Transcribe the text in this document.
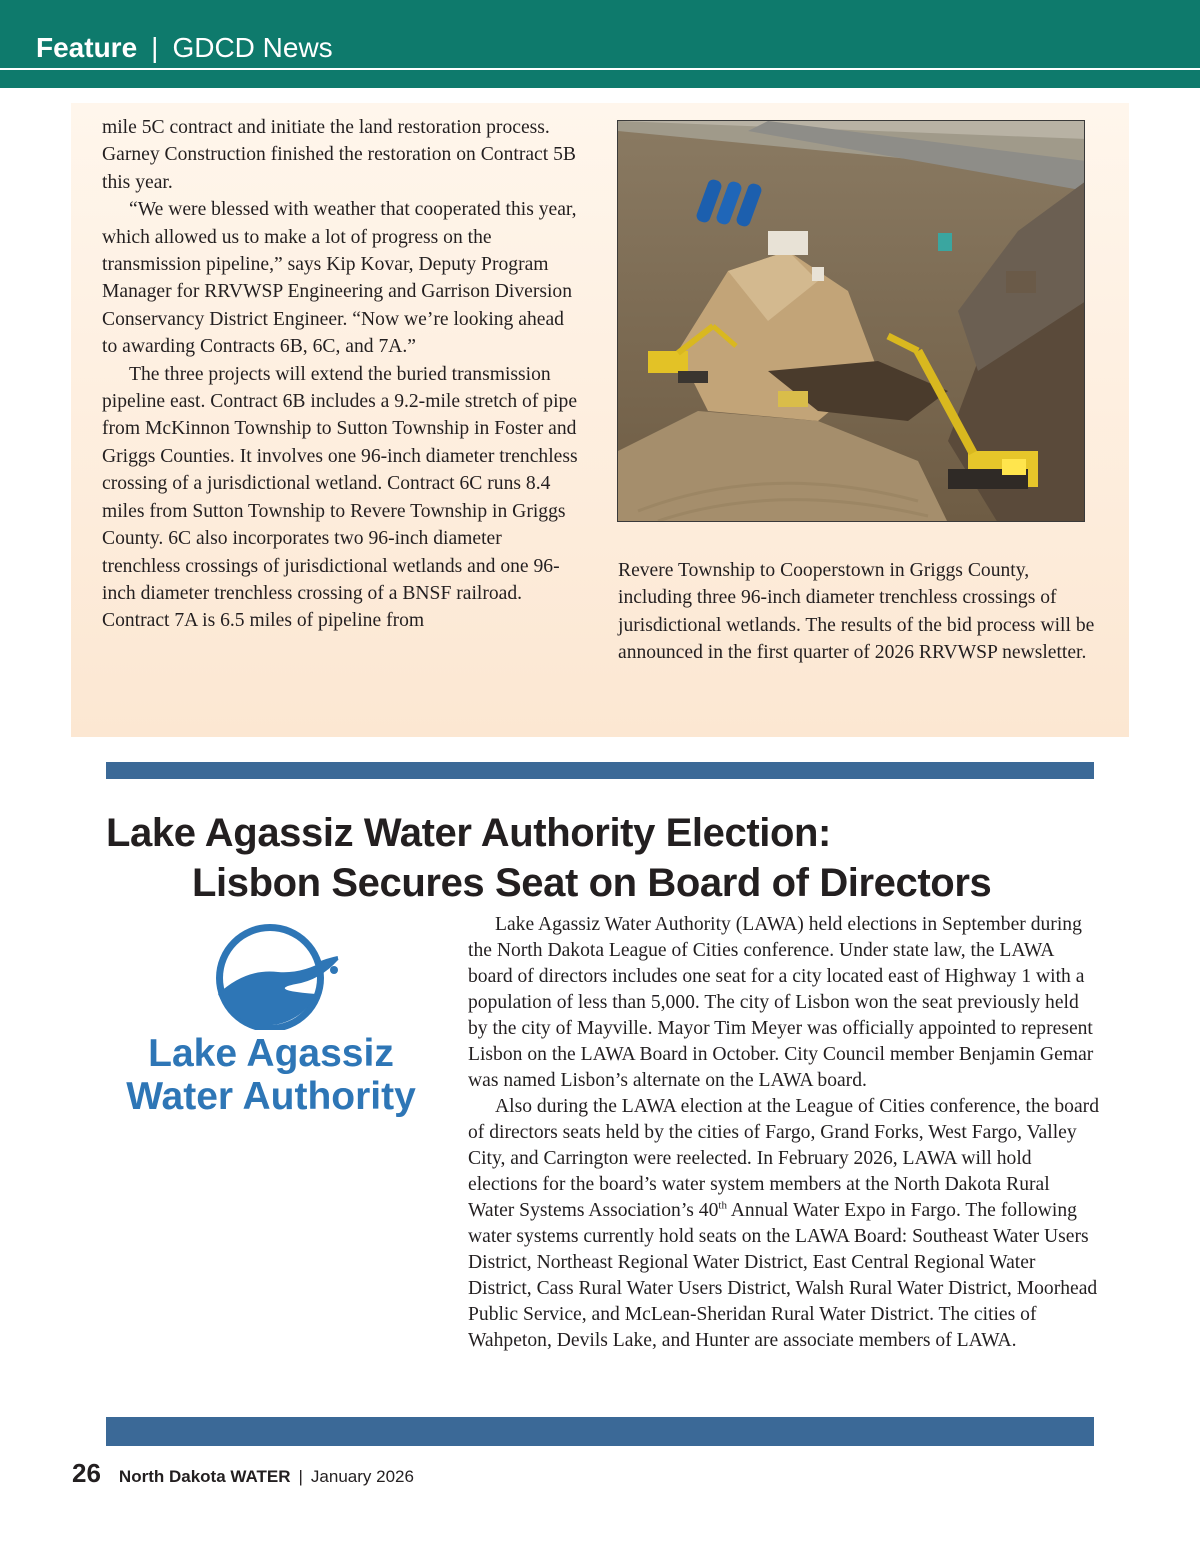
Feature | GDCD News

mile 5C contract and initiate the land restoration process. Garney Construction finished the restoration on Contract 5B this year.

“We were blessed with weather that cooperated this year, which allowed us to make a lot of progress on the transmission pipeline,” says Kip Kovar, Deputy Program Manager for RRVWSP Engineering and Garrison Diversion Conservancy District Engineer. “Now we’re looking ahead to awarding Contracts 6B, 6C, and 7A.”

The three projects will extend the buried transmission pipeline east. Contract 6B includes a 9.2-mile stretch of pipe from McKinnon Township to Sutton Township in Foster and Griggs Counties. It involves one 96-inch diameter trenchless crossing of a jurisdictional wetland. Contract 6C runs 8.4 miles from Sutton Township to Revere Township in Griggs County. 6C also incorporates two 96-inch diameter trenchless crossings of jurisdictional wetlands and one 96-inch diameter trenchless crossing of a BNSF railroad. Contract 7A is 6.5 miles of pipeline from

Revere Township to Cooperstown in Griggs County, including three 96-inch diameter trenchless crossings of jurisdictional wetlands. The results of the bid process will be announced in the first quarter of 2026 RRVWSP newsletter.

Lake Agassiz Water Authority Election:
Lisbon Secures Seat on Board of Directors
Lake Agassiz
Water Authority

Lake Agassiz Water Authority (LAWA) held elections in September during the North Dakota League of Cities conference. Under state law, the LAWA board of directors includes one seat for a city located east of Highway 1 with a population of less than 5,000. The city of Lisbon won the seat previously held by the city of Mayville. Mayor Tim Meyer was officially appointed to represent Lisbon on the LAWA Board in October. City Council member Benjamin Gemar was named Lisbon’s alternate on the LAWA board.

Also during the LAWA election at the League of Cities conference, the board of directors seats held by the cities of Fargo, Grand Forks, West Fargo, Valley City, and Carrington were reelected. In February 2026, LAWA will hold elections for the board’s water system members at the North Dakota Rural Water Systems Association’s 40th Annual Water Expo in Fargo. The following water systems currently hold seats on the LAWA Board: Southeast Water Users District, Northeast Regional Water District, East Central Regional Water District, Cass Rural Water Users District, Walsh Rural Water District, Moorhead Public Service, and McLean-Sheridan Rural Water District. The cities of Wahpeton, Devils Lake, and Hunter are associate members of LAWA.

26 North Dakota WATER | January 2026
